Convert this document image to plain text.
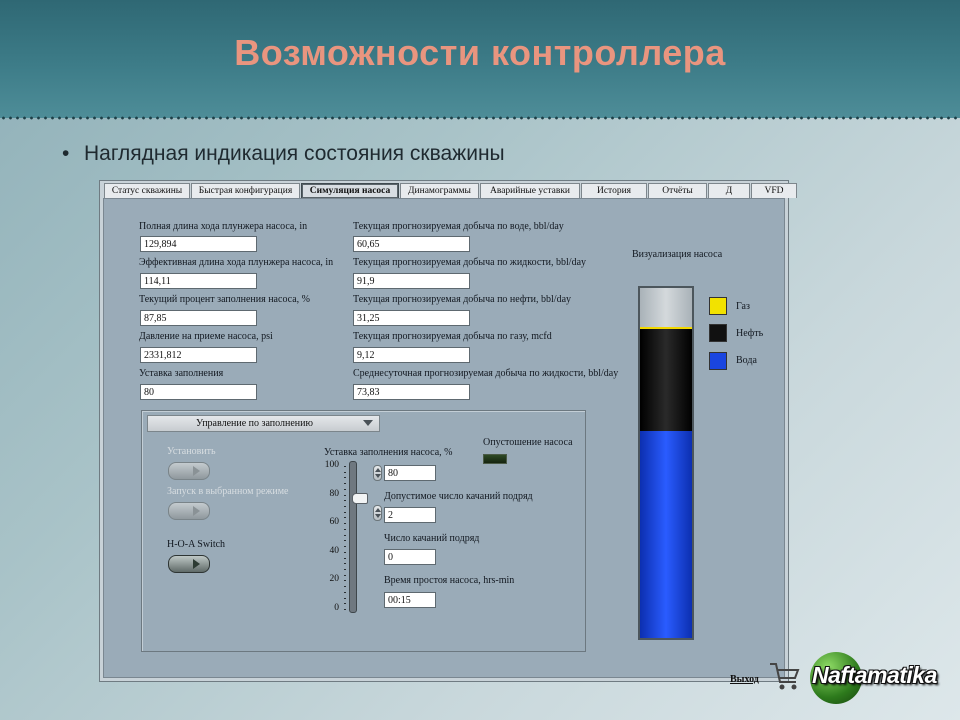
Возможности контроллера
• Наглядная индикация состояния скважины
Статус скважины	Быстрая конфигурация	Симуляция насоса	Динамограммы	Аварийные уставки	История	Отчёты	Д	VFD
Полная длина хода плунжера насоса, in
129,894
Эффективная длина хода плунжера насоса, in
114,11
Текущий процент заполнения насоса, %
87,85
Давление на приеме насоса, psi
2331,812
Уставка заполнения
80
Текущая прогнозируемая добыча по воде, bbl/day
60,65
Текущая прогнозируемая добыча по жидкости, bbl/day
91,9
Текущая прогнозируемая добыча по нефти, bbl/day
31,25
Текущая прогнозируемая добыча по газу, mcfd
9,12
Среднесуточная прогнозируемая добыча по жидкости, bbl/day
73,83
Управление по заполнению
Установить
Запуск в выбранном режиме
H-O-A Switch
Уставка заполнения насоса, %
100
80
60
40
20
0
80
Допустимое число качаний подряд
2
Число качаний подряд
0
Время простоя насоса, hrs-min
00:15
Опустошение насоса
Визуализация насоса
Газ
Нефть
Вода
Выход Naftamatika
